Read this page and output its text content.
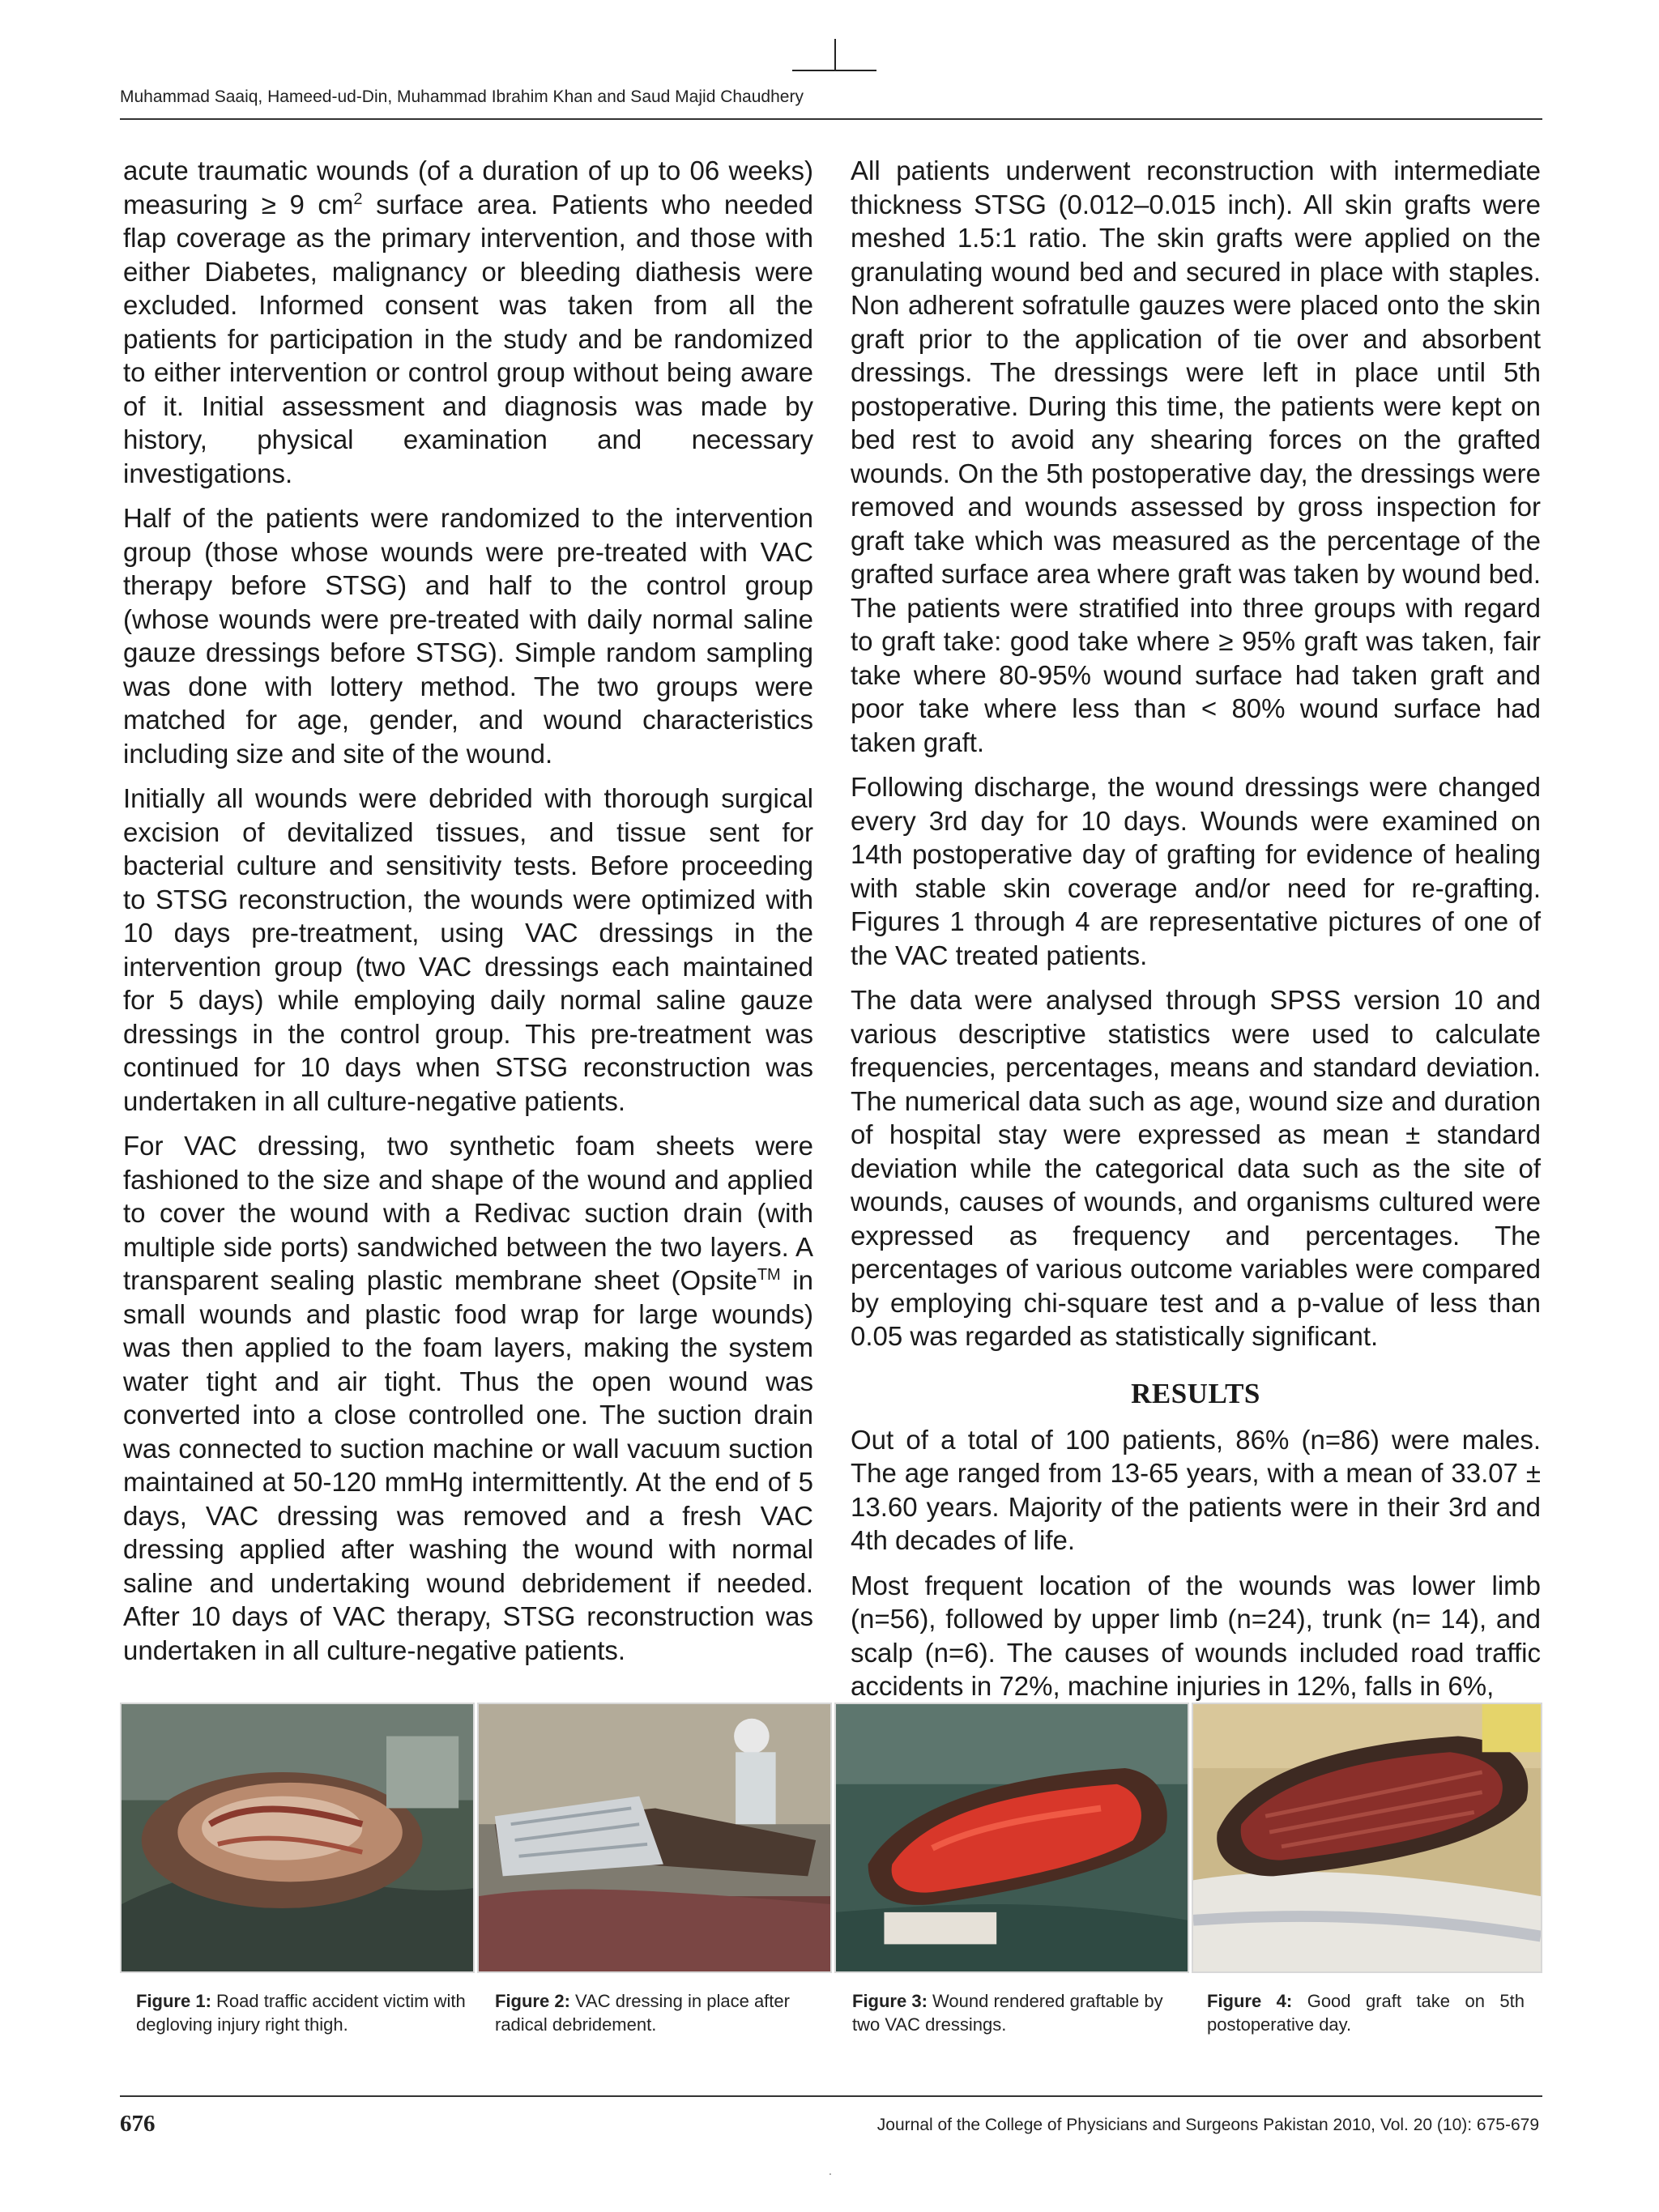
Muhammad Saaiq, Hameed-ud-Din, Muhammad Ibrahim Khan and Saud Majid Chaudhery

acute traumatic wounds (of a duration of up to 06 weeks) measuring ≥ 9 $cm^2$ surface area. Patients who needed flap coverage as the primary intervention, and those with either Diabetes, malignancy or bleeding diathesis were excluded. Informed consent was taken from all the patients for participation in the study and be randomized to either intervention or control group without being aware of it. Initial assessment and diagnosis was made by history, physical examination and necessary investigations.

Half of the patients were randomized to the intervention group (those whose wounds were pre-treated with VAC therapy before STSG) and half to the control group (whose wounds were pre-treated with daily normal saline gauze dressings before STSG). Simple random sampling was done with lottery method. The two groups were matched for age, gender, and wound characteristics including size and site of the wound.

Initially all wounds were debrided with thorough surgical excision of devitalized tissues, and tissue sent for bacterial culture and sensitivity tests. Before proceeding to STSG reconstruction, the wounds were optimized with 10 days pre-treatment, using VAC dressings in the intervention group (two VAC dressings each maintained for 5 days) while employing daily normal saline gauze dressings in the control group. This pre-treatment was continued for 10 days when STSG reconstruction was undertaken in all culture-negative patients.

For VAC dressing, two synthetic foam sheets were fashioned to the size and shape of the wound and applied to cover the wound with a Redivac suction drain (with multiple side ports) sandwiched between the two layers. A transparent sealing plastic membrane sheet (Opsite™ in small wounds and plastic food wrap for large wounds) was then applied to the foam layers, making the system water tight and air tight. Thus the open wound was converted into a close controlled one. The suction drain was connected to suction machine or wall vacuum suction maintained at 50-120 mmHg intermittently. At the end of 5 days, VAC dressing was removed and a fresh VAC dressing applied after washing the wound with normal saline and undertaking wound debridement if needed. After 10 days of VAC therapy, STSG reconstruction was undertaken in all culture-negative patients.

All patients underwent reconstruction with intermediate thickness STSG (0.012–0.015 inch). All skin grafts were meshed 1.5:1 ratio. The skin grafts were applied on the granulating wound bed and secured in place with staples. Non adherent sofratulle gauzes were placed onto the skin graft prior to the application of tie over and absorbent dressings. The dressings were left in place until 5th postoperative. During this time, the patients were kept on bed rest to avoid any shearing forces on the grafted wounds. On the 5th postoperative day, the dressings were removed and wounds assessed by gross inspection for graft take which was measured as the percentage of the grafted surface area where graft was taken by wound bed. The patients were stratified into three groups with regard to graft take: good take where ≥ 95% graft was taken, fair take where 80-95% wound surface had taken graft and poor take where less than < 80% wound surface had taken graft.

Following discharge, the wound dressings were changed every 3rd day for 10 days. Wounds were examined on 14th postoperative day of grafting for evidence of healing with stable skin coverage and/or need for re-grafting. Figures 1 through 4 are representative pictures of one of the VAC treated patients.

The data were analysed through SPSS version 10 and various descriptive statistics were used to calculate frequencies, percentages, means and standard deviation. The numerical data such as age, wound size and duration of hospital stay were expressed as mean ± standard deviation while the categorical data such as the site of wounds, causes of wounds, and organisms cultured were expressed as frequency and percentages. The percentages of various outcome variables were compared by employing chi-square test and a p-value of less than 0.05 was regarded as statistically significant.

RESULTS

Out of a total of 100 patients, 86% (n=86) were males. The age ranged from 13-65 years, with a mean of 33.07 ± 13.60 years. Majority of the patients were in their 3rd and 4th decades of life.

Most frequent location of the wounds was lower limb (n=56), followed by upper limb (n=24), trunk (n= 14), and scalp (n=6). The causes of wounds included road traffic accidents in 72%, machine injuries in 12%, falls in 6%,

Figure 1: Road traffic accident victim with degloving injury right thigh.
Figure 2: VAC dressing in place after radical debridement.
Figure 3: Wound rendered graftable by two VAC dressings.
Figure 4: Good graft take on 5th postoperative day.
676	Journal of the College of Physicians and Surgeons Pakistan 2010, Vol. 20 (10): 675-679
.
